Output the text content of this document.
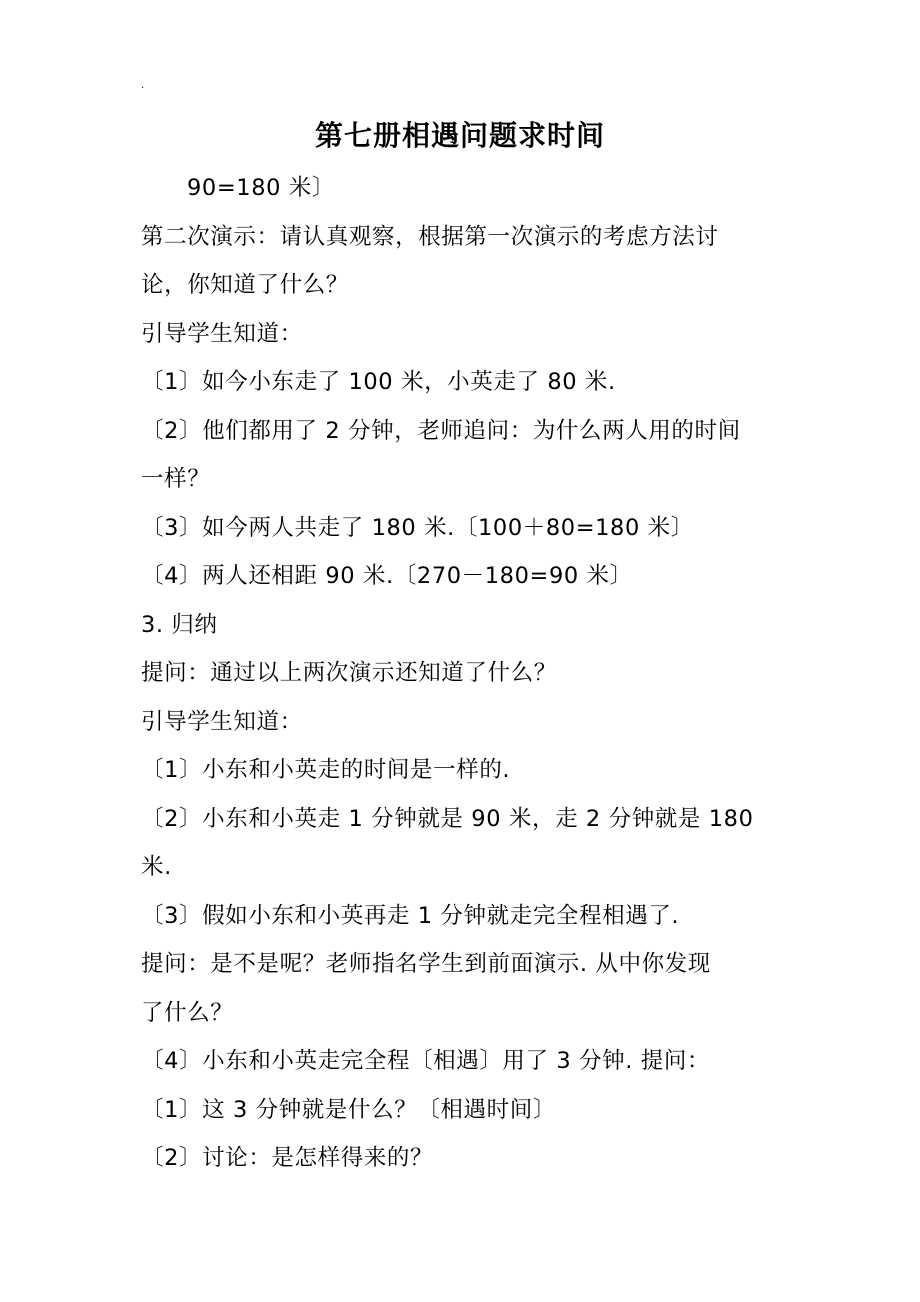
.
第七册相遇问题求时间
90=180 米〕
第二次演示：请认真观察，根据第一次演示的考虑方法讨
论，你知道了什么？
引导学生知道：
〔1〕如今小东走了 100 米，小英走了 80 米.
〔2〕他们都用了 2 分钟，老师追问：为什么两人用的时间
一样？
〔3〕如今两人共走了 180 米.〔100＋80=180 米〕
〔4〕两人还相距 90 米.〔270－180=90 米〕
3. 归纳
提问：通过以上两次演示还知道了什么？
引导学生知道：
〔1〕小东和小英走的时间是一样的.
〔2〕小东和小英走 1 分钟就是 90 米，走 2 分钟就是 180
米.
〔3〕假如小东和小英再走 1 分钟就走完全程相遇了.
提问：是不是呢？老师指名学生到前面演示. 从中你发现
了什么？
〔4〕小东和小英走完全程〔相遇〕用了 3 分钟. 提问：
〔1〕这 3 分钟就是什么？〔相遇时间〕
〔2〕讨论：是怎样得来的？
